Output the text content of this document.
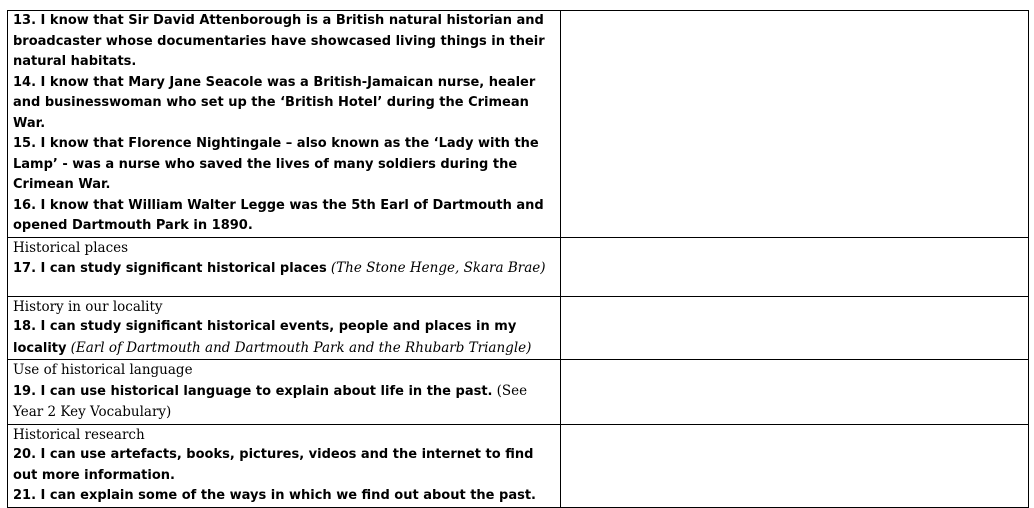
13. I know that Sir David Attenborough is a British natural historian and broadcaster whose documentaries have showcased living things in their natural habitats.
14. I know that Mary Jane Seacole was a British-Jamaican nurse, healer and businesswoman who set up the ‘British Hotel’ during the Crimean War.
15. I know that Florence Nightingale – also known as the ‘Lady with the Lamp’ - was a nurse who saved the lives of many soldiers during the Crimean War.
16. I know that William Walter Legge was the 5th Earl of Dartmouth and opened Dartmouth Park in 1890.	

Historical places
17. I can study significant historical places (The Stone Henge, Skara Brae)	

History in our locality
18. I can study significant historical events, people and places in my locality (Earl of Dartmouth and Dartmouth Park and the Rhubarb Triangle)	

Use of historical language
19. I can use historical language to explain about life in the past. (See Year 2 Key Vocabulary)	

Historical research
20. I can use artefacts, books, pictures, videos and the internet to find out more information.
21. I can explain some of the ways in which we find out about the past.	
